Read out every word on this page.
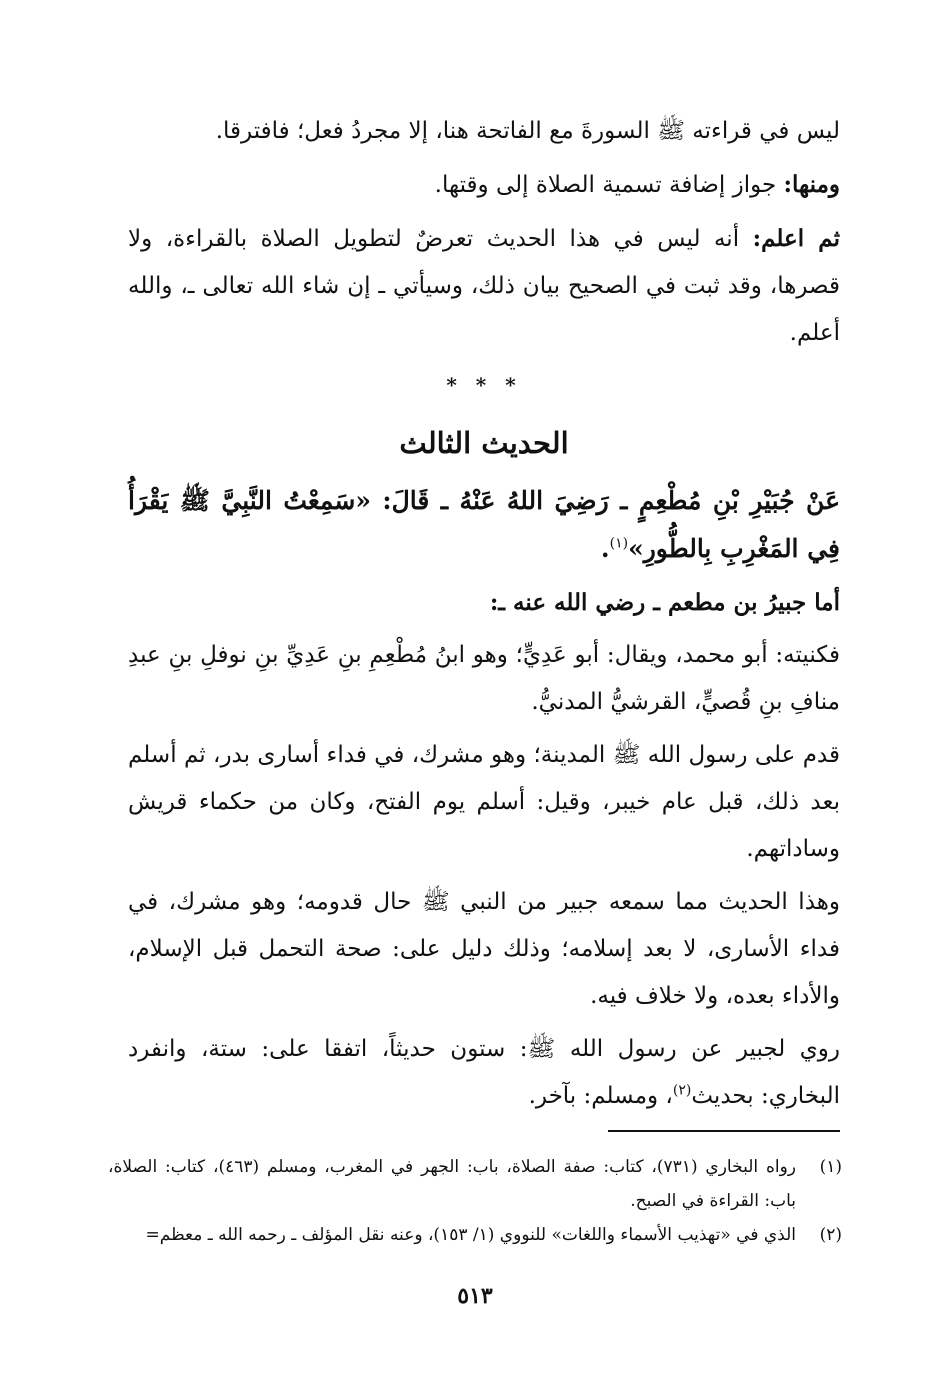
ليس في قراءته ﷺ السورةَ مع الفاتحة هنا، إلا مجردُ فعل؛ فافترقا.

ومنها: جواز إضافة تسمية الصلاة إلى وقتها.

ثم اعلم: أنه ليس في هذا الحديث تعرضٌ لتطويل الصلاة بالقراءة، ولا قصرها، وقد ثبت في الصحيح بيان ذلك، وسيأتي ـ إن شاء الله تعالى ـ، والله أعلم.

* * *

الحديث الثالث

عَنْ جُبَيْرِ بْنِ مُطْعِمٍ ـ رَضِيَ اللهُ عَنْهُ ـ قَالَ: «سَمِعْتُ النَّبِيَّ ﷺ يَقْرَأُ فِي المَغْرِبِ بِالطُّورِ»$^{(١)}$.

أما جبيرُ بن مطعم ـ رضي الله عنه ـ:

فكنيته: أبو محمد، ويقال: أبو عَدِيٍّ؛ وهو ابنُ مُطْعِمِ بنِ عَدِيِّ بنِ نوفلِ بنِ عبدِ منافِ بنِ قُصيٍّ، القرشيُّ المدنيُّ.

قدم على رسول الله ﷺ المدينة؛ وهو مشرك، في فداء أسارى بدر، ثم أسلم بعد ذلك، قبل عام خيبر، وقيل: أسلم يوم الفتح، وكان من حكماء قريش وساداتهم.

وهذا الحديث مما سمعه جبير من النبي ﷺ حال قدومه؛ وهو مشرك، في فداء الأسارى، لا بعد إسلامه؛ وذلك دليل على: صحة التحمل قبل الإسلام، والأداء بعده، ولا خلاف فيه.

روي لجبير عن رسول الله ﷺ: ستون حديثاً، اتفقا على: ستة، وانفرد البخاري: بحديث$^{(٢)}$، ومسلم: بآخر.

(١)
رواه البخاري (٧٣١)، كتاب: صفة الصلاة، باب: الجهر في المغرب، ومسلم (٤٦٣)، كتاب: الصلاة، باب: القراءة في الصبح.
(٢)
الذي في «تهذيب الأسماء واللغات» للنووي (١/ ١٥٣)، وعنه نقل المؤلف ـ رحمه الله ـ معظم=
٥١٣
